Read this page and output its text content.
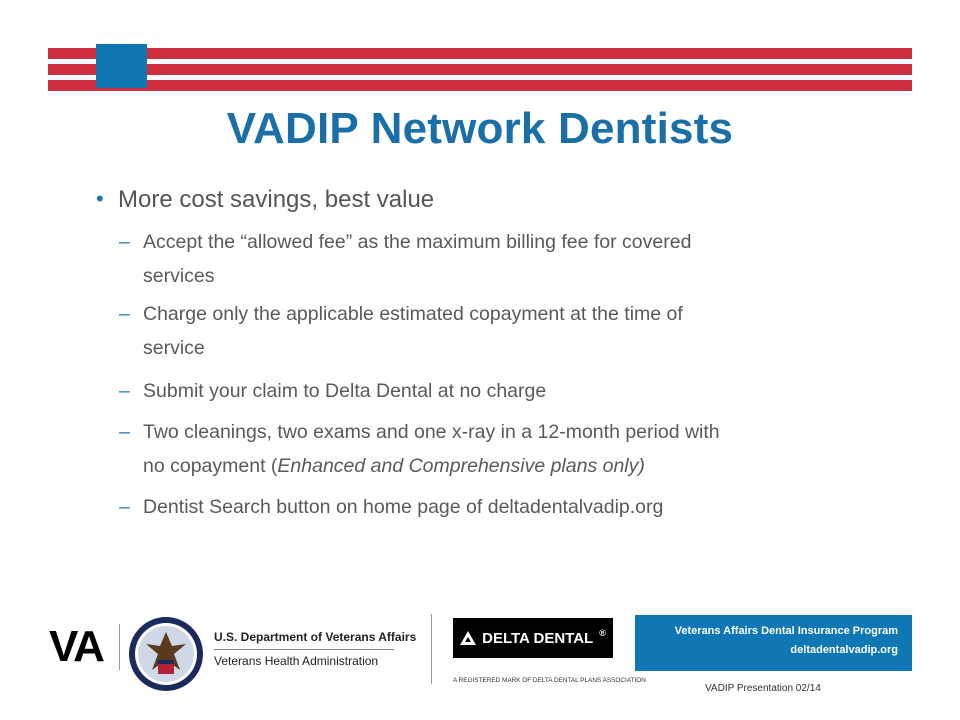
VADIP Network Dentists
• More cost savings, best value
– Accept the “allowed fee” as the maximum billing fee for covered
services
– Charge only the applicable estimated copayment at the time of
service
– Submit your claim to Delta Dental at no charge
– Two cleanings, two exams and one x-ray in a 12-month period with
no copayment (Enhanced and Comprehensive plans only)
– Dentist Search button on home page of deltadentalvadip.org
VA	U.S. Department of Veterans Affairs
Veterans Health Administration
DELTA DENTAL ®
A REGISTERED MARK OF DELTA DENTAL PLANS ASSOCIATION
Veterans Affairs Dental Insurance Program
deltadentalvadip.org
VADIP Presentation 02/14
